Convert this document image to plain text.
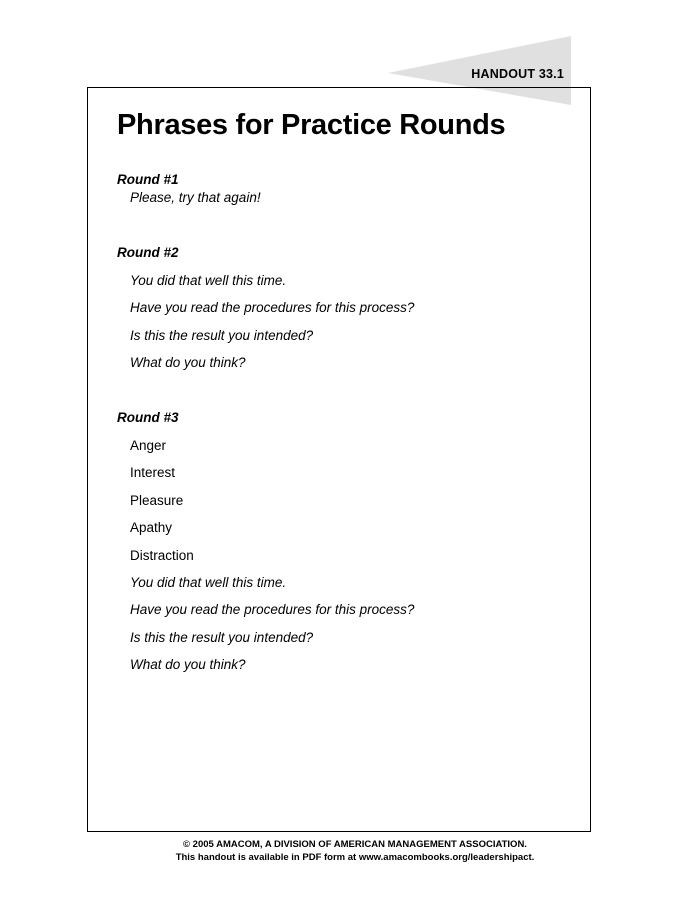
HANDOUT 33.1
Phrases for Practice Rounds

Round #1

Please, try that again!

Round #2

You did that well this time.

Have you read the procedures for this process?

Is this the result you intended?

What do you think?

Round #3

Anger

Interest

Pleasure

Apathy

Distraction

You did that well this time.

Have you read the procedures for this process?

Is this the result you intended?

What do you think?

© 2005 AMACOM, A DIVISION OF AMERICAN MANAGEMENT ASSOCIATION.
This handout is available in PDF form at www.amacombooks.org/leadershipact.
